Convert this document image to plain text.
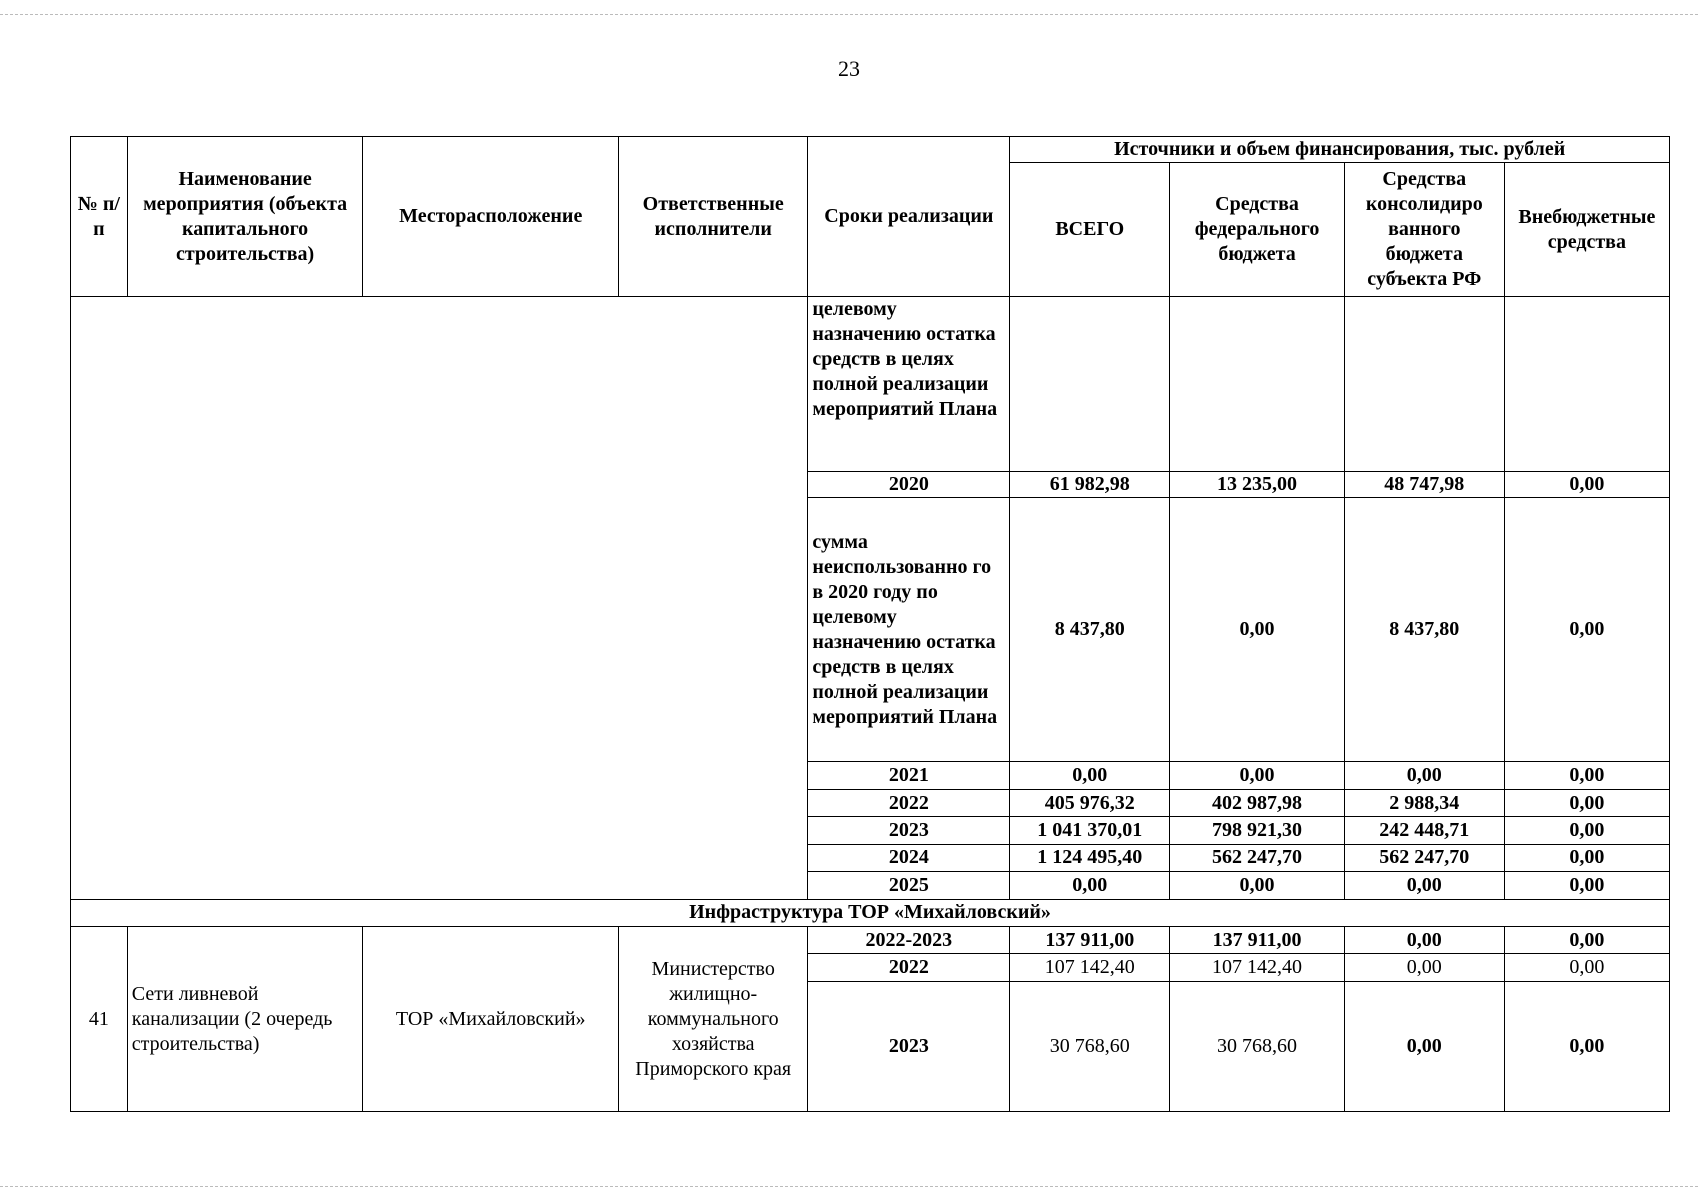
23
№ п/п	Наименование мероприятия (объекта капитального строительства)	Месторасположение	Ответственные исполнители	Сроки реализации	Источники и объем финансирования, тыс. рублей			
					ВСЕГО	Средства федерального бюджета	Средства консолидиро ванного бюджета субъекта РФ	Внебюджетные средства
				целевому назначению остатка средств в целях полной реализации мероприятий Плана				
				2020	61 982,98	13 235,00	48 747,98	0,00
				сумма неиспользованно го в 2020 году по целевому назначению остатка средств в целях полной реализации мероприятий Плана	8 437,80	0,00	8 437,80	0,00
				2021	0,00	0,00	0,00	0,00
				2022	405 976,32	402 987,98	2 988,34	0,00
				2023	1 041 370,01	798 921,30	242 448,71	0,00
				2024	1 124 495,40	562 247,70	562 247,70	0,00
				2025	0,00	0,00	0,00	0,00
Инфраструктура ТОР «Михайловский»								
41	Сети ливневой канализации (2 очередь строительства)	ТОР «Михайловский»	Министерство жилищно-коммунального хозяйства Приморского края	2022-2023	137 911,00	137 911,00	0,00	0,00
				2022	107 142,40	107 142,40	0,00	0,00
				2023	30 768,60	30 768,60	0,00	0,00
